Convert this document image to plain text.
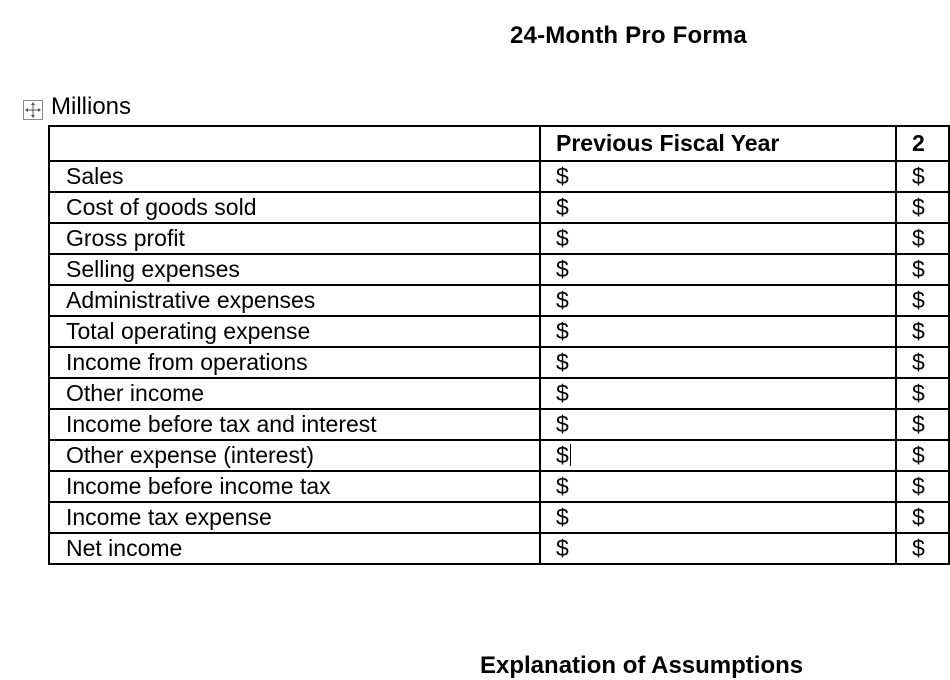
24-Month Pro Forma
Millions
	Previous Fiscal Year	2
Sales	$	$
Cost of goods sold	$	$
Gross profit	$	$
Selling expenses	$	$
Administrative expenses	$	$
Total operating expense	$	$
Income from operations	$	$
Other income	$	$
Income before tax and interest	$	$
Other expense (interest)	$	$
Income before income tax	$	$
Income tax expense	$	$
Net income	$	$
Explanation of Assumptions
